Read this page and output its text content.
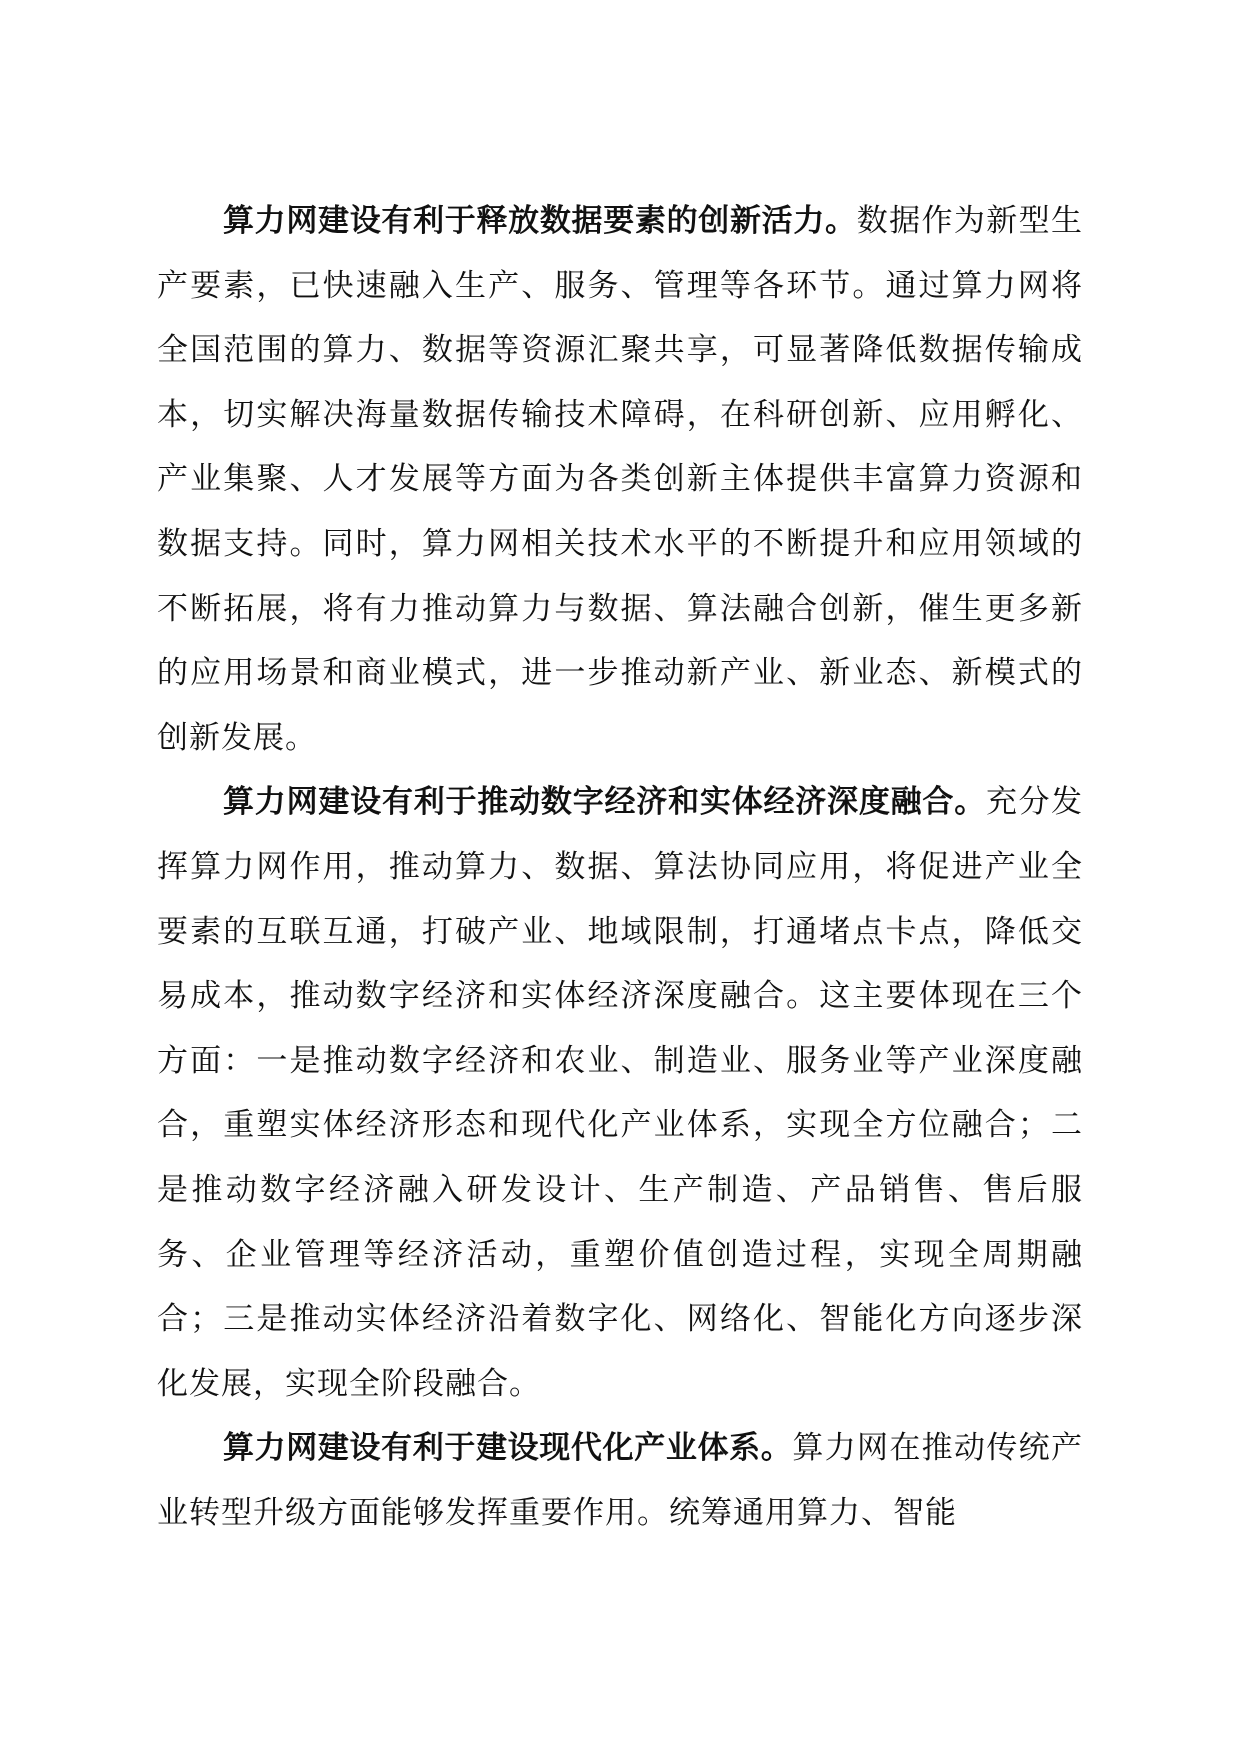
算力网建设有利于释放数据要素的创新活力。数据作为新型生产要素，已快速融入生产、服务、管理等各环节。通过算力网将全国范围的算力、数据等资源汇聚共享，可显著降低数据传输成本，切实解决海量数据传输技术障碍，在科研创新、应用孵化、产业集聚、人才发展等方面为各类创新主体提供丰富算力资源和数据支持。同时，算力网相关技术水平的不断提升和应用领域的不断拓展，将有力推动算力与数据、算法融合创新，催生更多新的应用场景和商业模式，进一步推动新产业、新业态、新模式的创新发展。

算力网建设有利于推动数字经济和实体经济深度融合。充分发挥算力网作用，推动算力、数据、算法协同应用，将促进产业全要素的互联互通，打破产业、地域限制，打通堵点卡点，降低交易成本，推动数字经济和实体经济深度融合。这主要体现在三个方面：一是推动数字经济和农业、制造业、服务业等产业深度融合，重塑实体经济形态和现代化产业体系，实现全方位融合；二是推动数字经济融入研发设计、生产制造、产品销售、售后服务、企业管理等经济活动，重塑价值创造过程，实现全周期融合；三是推动实体经济沿着数字化、网络化、智能化方向逐步深化发展，实现全阶段融合。

算力网建设有利于建设现代化产业体系。算力网在推动传统产业转型升级方面能够发挥重要作用。统筹通用算力、智能
